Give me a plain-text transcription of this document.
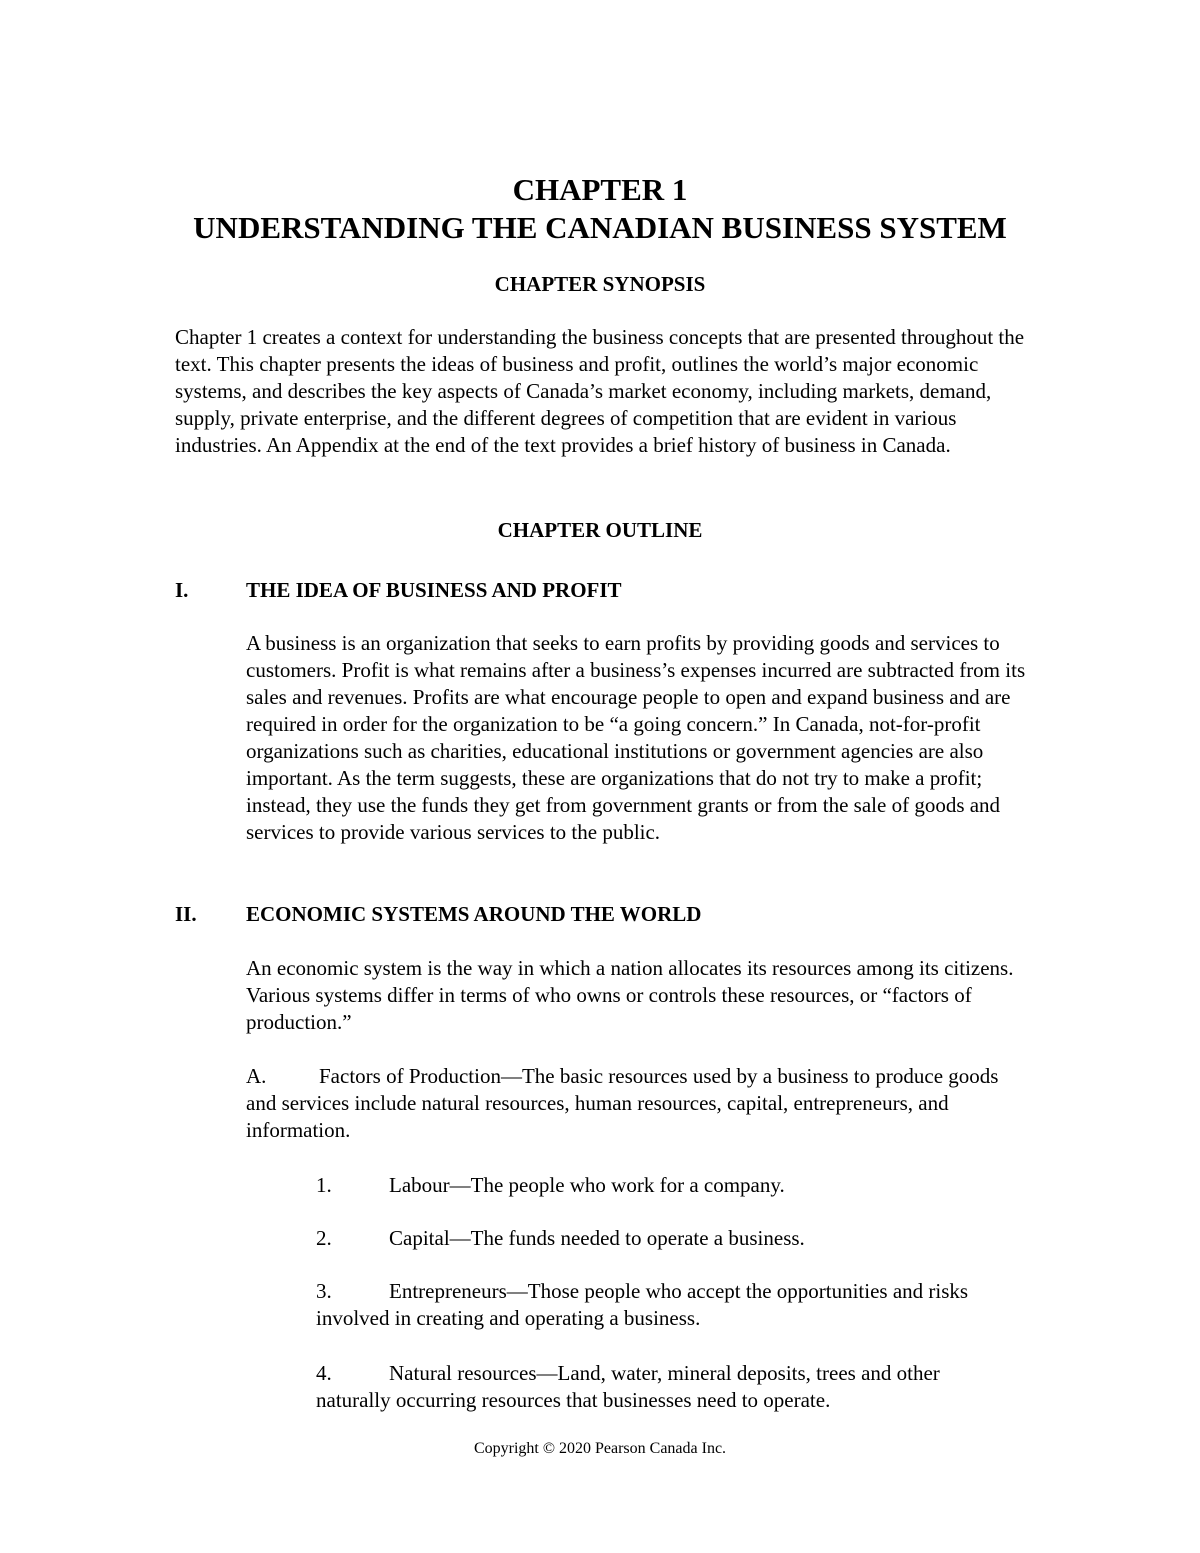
CHAPTER 1
UNDERSTANDING THE CANADIAN BUSINESS SYSTEM
CHAPTER SYNOPSIS

Chapter 1 creates a context for understanding the business concepts that are presented throughout the text. This chapter presents the ideas of business and profit, outlines the world’s major economic systems, and describes the key aspects of Canada’s market economy, including markets, demand, supply, private enterprise, and the different degrees of competition that are evident in various industries. An Appendix at the end of the text provides a brief history of business in Canada.

CHAPTER OUTLINE
I.	THE IDEA OF BUSINESS AND PROFIT

A business is an organization that seeks to earn profits by providing goods and services to customers. Profit is what remains after a business’s expenses incurred are subtracted from its sales and revenues. Profits are what encourage people to open and expand business and are required in order for the organization to be “a going concern.” In Canada, not-for-profit organizations such as charities, educational institutions or government agencies are also important. As the term suggests, these are organizations that do not try to make a profit; instead, they use the funds they get from government grants or from the sale of goods and services to provide various services to the public.

II. ECONOMIC SYSTEMS AROUND THE WORLD

An economic system is the way in which a nation allocates its resources among its citizens. Various systems differ in terms of who owns or controls these resources, or “factors of production.”

A.	Factors of Production—The basic resources used by a business to produce goods and services include natural resources, human resources, capital, entrepreneurs, and information.

1.	Labour—The people who work for a company.

2.	Capital—The funds needed to operate a business.

3.	Entrepreneurs—Those people who accept the opportunities and risks involved in creating and operating a business.

4.	Natural resources—Land, water, mineral deposits, trees and other naturally occurring resources that businesses need to operate.

Copyright © 2020 Pearson Canada Inc.
